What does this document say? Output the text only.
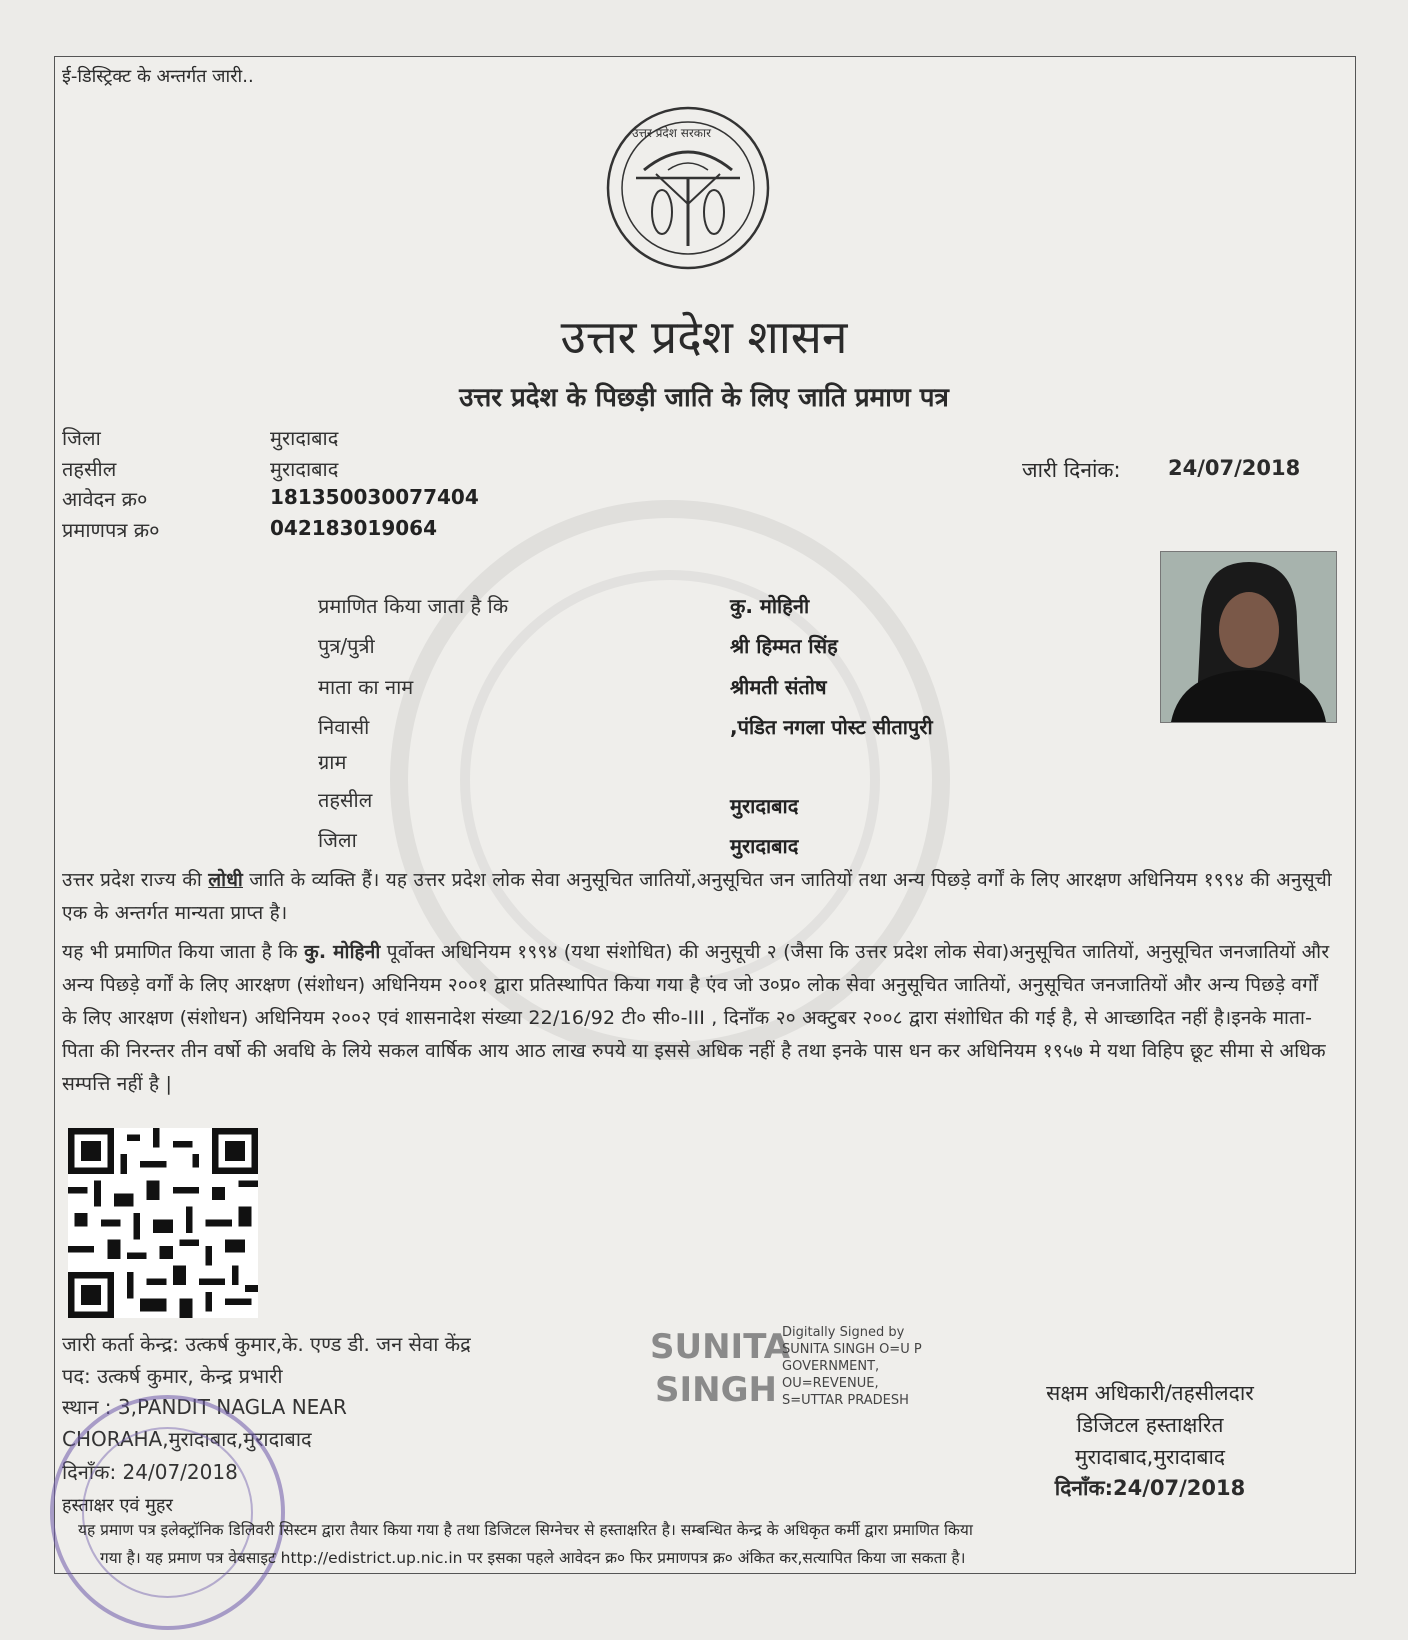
ई-डिस्ट्रिक्ट के अन्तर्गत जारी..
उत्तर प्रदेश सरकार
उत्तर प्रदेश शासन
उत्तर प्रदेश के पिछड़ी जाति के लिए जाति प्रमाण पत्र
जिला	मुरादाबाद
तहसील	मुरादाबाद
आवेदन क्र०	181350030077404
प्रमाणपत्र क्र०	042183019064
जारी दिनांक: 24/07/2018
प्रमाणित किया जाता है कि	कु. मोहिनी
पुत्र/पुत्री	श्री हिम्मत सिंह
माता का नाम	श्रीमती संतोष
निवासी	,पंडित नगला पोस्ट सीतापुरी
ग्राम
तहसील	मुरादाबाद
जिला	मुरादाबाद
उत्तर प्रदेश राज्य की लोधी जाति के व्यक्ति हैं। यह उत्तर प्रदेश लोक सेवा अनुसूचित जातियों,अनुसूचित जन जातियों तथा अन्य पिछड़े वर्गों के लिए आरक्षण अधिनियम १९९४ की अनुसूची एक के अन्तर्गत मान्यता प्राप्त है।
यह भी प्रमाणित किया जाता है कि कु. मोहिनी पूर्वोक्त अधिनियम १९९४ (यथा संशोधित) की अनुसूची २ (जैसा कि उत्तर प्रदेश लोक सेवा)अनुसूचित जातियों, अनुसूचित जनजातियों और अन्य पिछड़े वर्गों के लिए आरक्षण (संशोधन) अधिनियम २००१ द्वारा प्रतिस्थापित किया गया है एंव जो उ०प्र० लोक सेवा अनुसूचित जातियों, अनुसूचित जनजातियों और अन्य पिछड़े वर्गों के लिए आरक्षण (संशोधन) अधिनियम २००२ एवं शासनादेश संख्या 22/16/92 टी० सी०-III , दिनाँक २० अक्टुबर २००८ द्वारा संशोधित की गई है, से आच्छादित नहीं है।इनके माता-पिता की निरन्तर तीन वर्षो की अवधि के लिये सकल वार्षिक आय आठ लाख रुपये या इससे अधिक नहीं है तथा इनके पास धन कर अधिनियम १९५७ मे यथा विहिप छूट सीमा से अधिक सम्पत्ति नहीं है |
जारी कर्ता केन्द्र: उत्कर्ष कुमार,के. एण्ड डी. जन सेवा केंद्र
पद: उत्कर्ष कुमार, केन्द्र प्रभारी
स्थान : 3,PANDIT NAGLA NEAR
CHORAHA,मुरादाबाद,मुरादाबाद
दिनाँक: 24/07/2018
हस्ताक्षर एवं मुहर
SUNITA
SINGH
Digitally Signed by
SUNITA SINGH O=U P
GOVERNMENT,
OU=REVENUE,
S=UTTAR PRADESH	सक्षम अधिकारी/तहसीलदार
डिजिटल हस्ताक्षरित
मुरादाबाद,मुरादाबाद
दिनाँक:24/07/2018
यह प्रमाण पत्र इलेक्ट्रॉनिक डिलिवरी सिस्टम द्वारा तैयार किया गया है तथा डिजिटल सिग्नेचर से हस्ताक्षरित है। सम्बन्धित केन्द्र के अधिकृत कर्मी द्वारा प्रमाणित किया
गया है। यह प्रमाण पत्र वेबसाइट http://edistrict.up.nic.in पर इसका पहले आवेदन क्र० फिर प्रमाणपत्र क्र० अंकित कर,सत्यापित किया जा सकता है।
